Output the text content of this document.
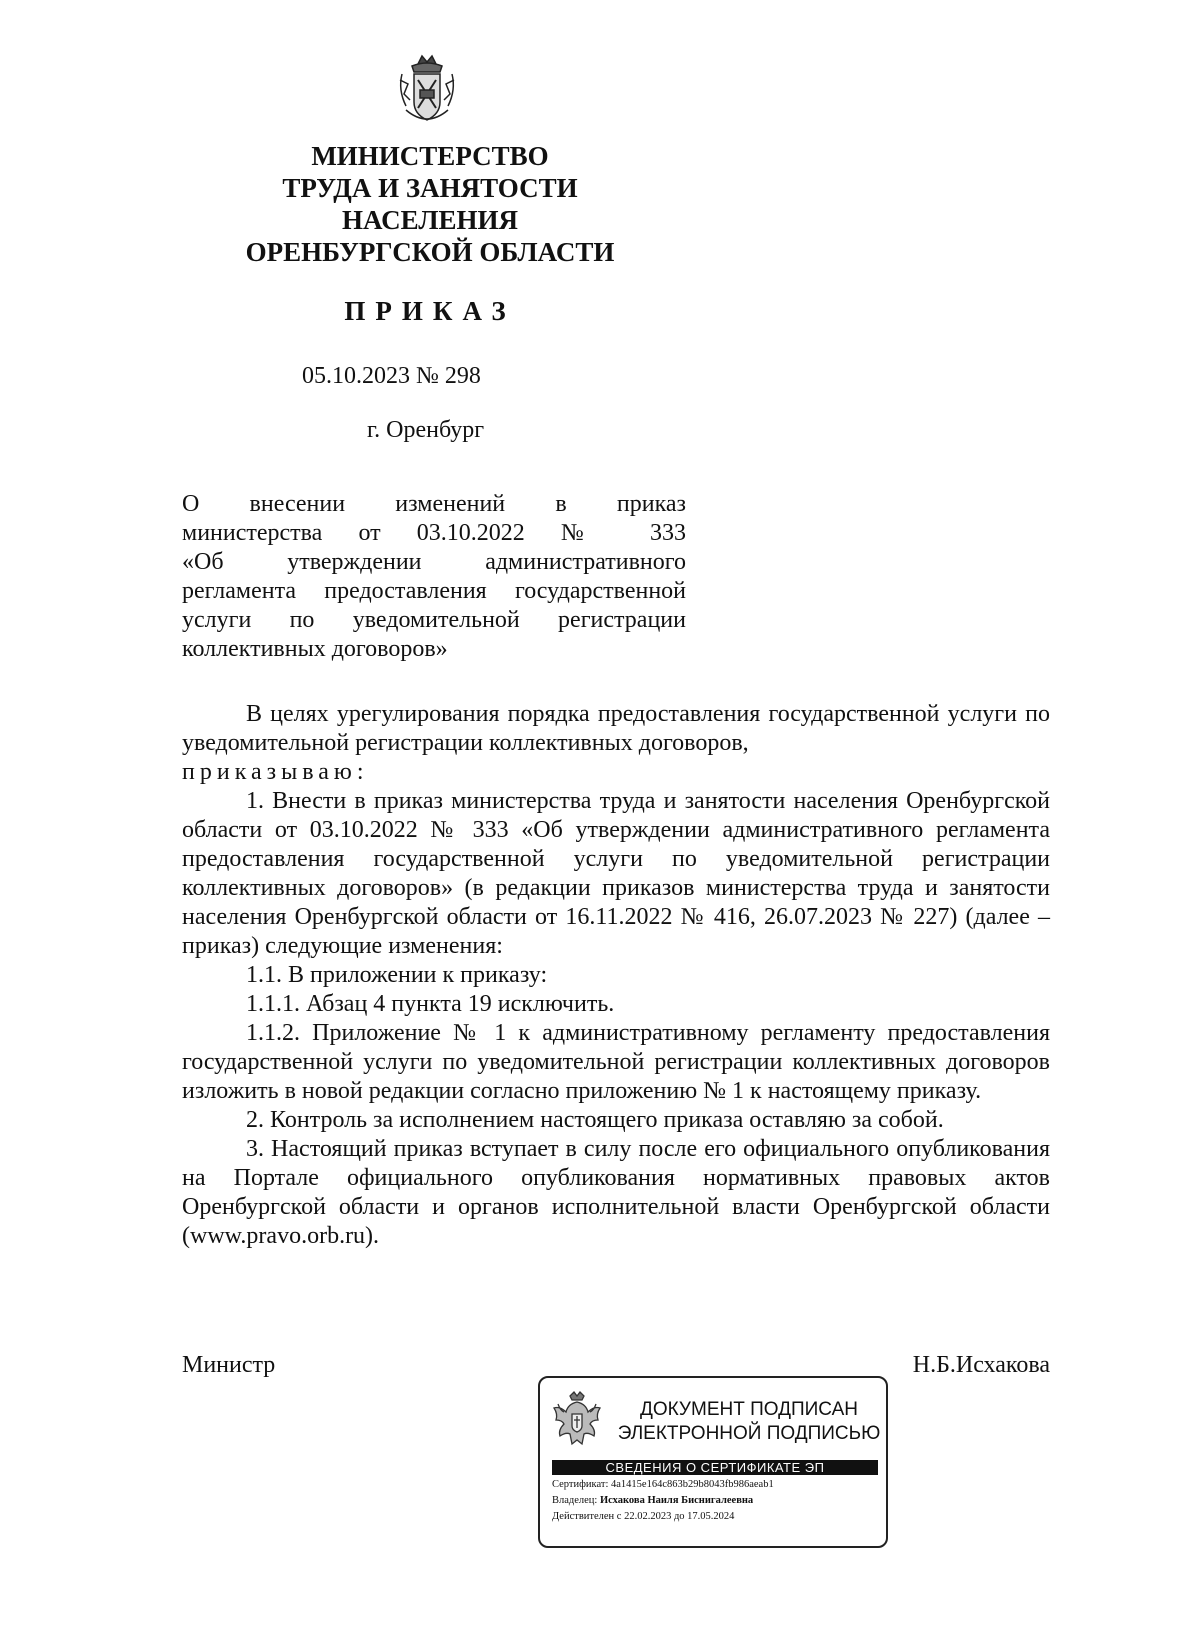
МИНИСТЕРСТВО
ТРУДА И ЗАНЯТОСТИ
НАСЕЛЕНИЯ
ОРЕНБУРГСКОЙ ОБЛАСТИ
ПРИКАЗ
05.10.2023 № 298
г. Оренбург
О внесении изменений в приказ
министерства от 03.10.2022 № 333
«Об утверждении административного
регламента предоставления государственной
услуги по уведомительной регистрации
коллективных договоров»

В целях урегулирования порядка предоставления государственной услуги по уведомительной регистрации коллективных договоров,

приказываю:

1. Внести в приказ министерства труда и занятости населения Оренбургской области от 03.10.2022 № 333 «Об утверждении административного регламента предоставления государственной услуги по уведомительной регистрации коллективных договоров» (в редакции приказов министерства труда и занятости населения Оренбургской области от 16.11.2022 № 416, 26.07.2023 № 227) (далее – приказ) следующие изменения:

1.1. В приложении к приказу:

1.1.1. Абзац 4 пункта 19 исключить.

1.1.2. Приложение № 1 к административному регламенту предоставления государственной услуги по уведомительной регистрации коллективных договоров изложить в новой редакции согласно приложению № 1 к настоящему приказу.

2. Контроль за исполнением настоящего приказа оставляю за собой.

3. Настоящий приказ вступает в силу после его официального опубликования на Портале официального опубликования нормативных правовых актов Оренбургской области и органов исполнительной власти Оренбургской области (www.pravo.orb.ru).

Министр	Н.Б.Исхакова
ДОКУМЕНТ ПОДПИСАН
ЭЛЕКТРОННОЙ ПОДПИСЬЮ
СВЕДЕНИЯ О СЕРТИФИКАТЕ ЭП
Сертификат: 4a1415e164c863b29b8043fb986aeab1
Владелец: Исхакова Наиля Биснигалеевна
Действителен с 22.02.2023 до 17.05.2024
